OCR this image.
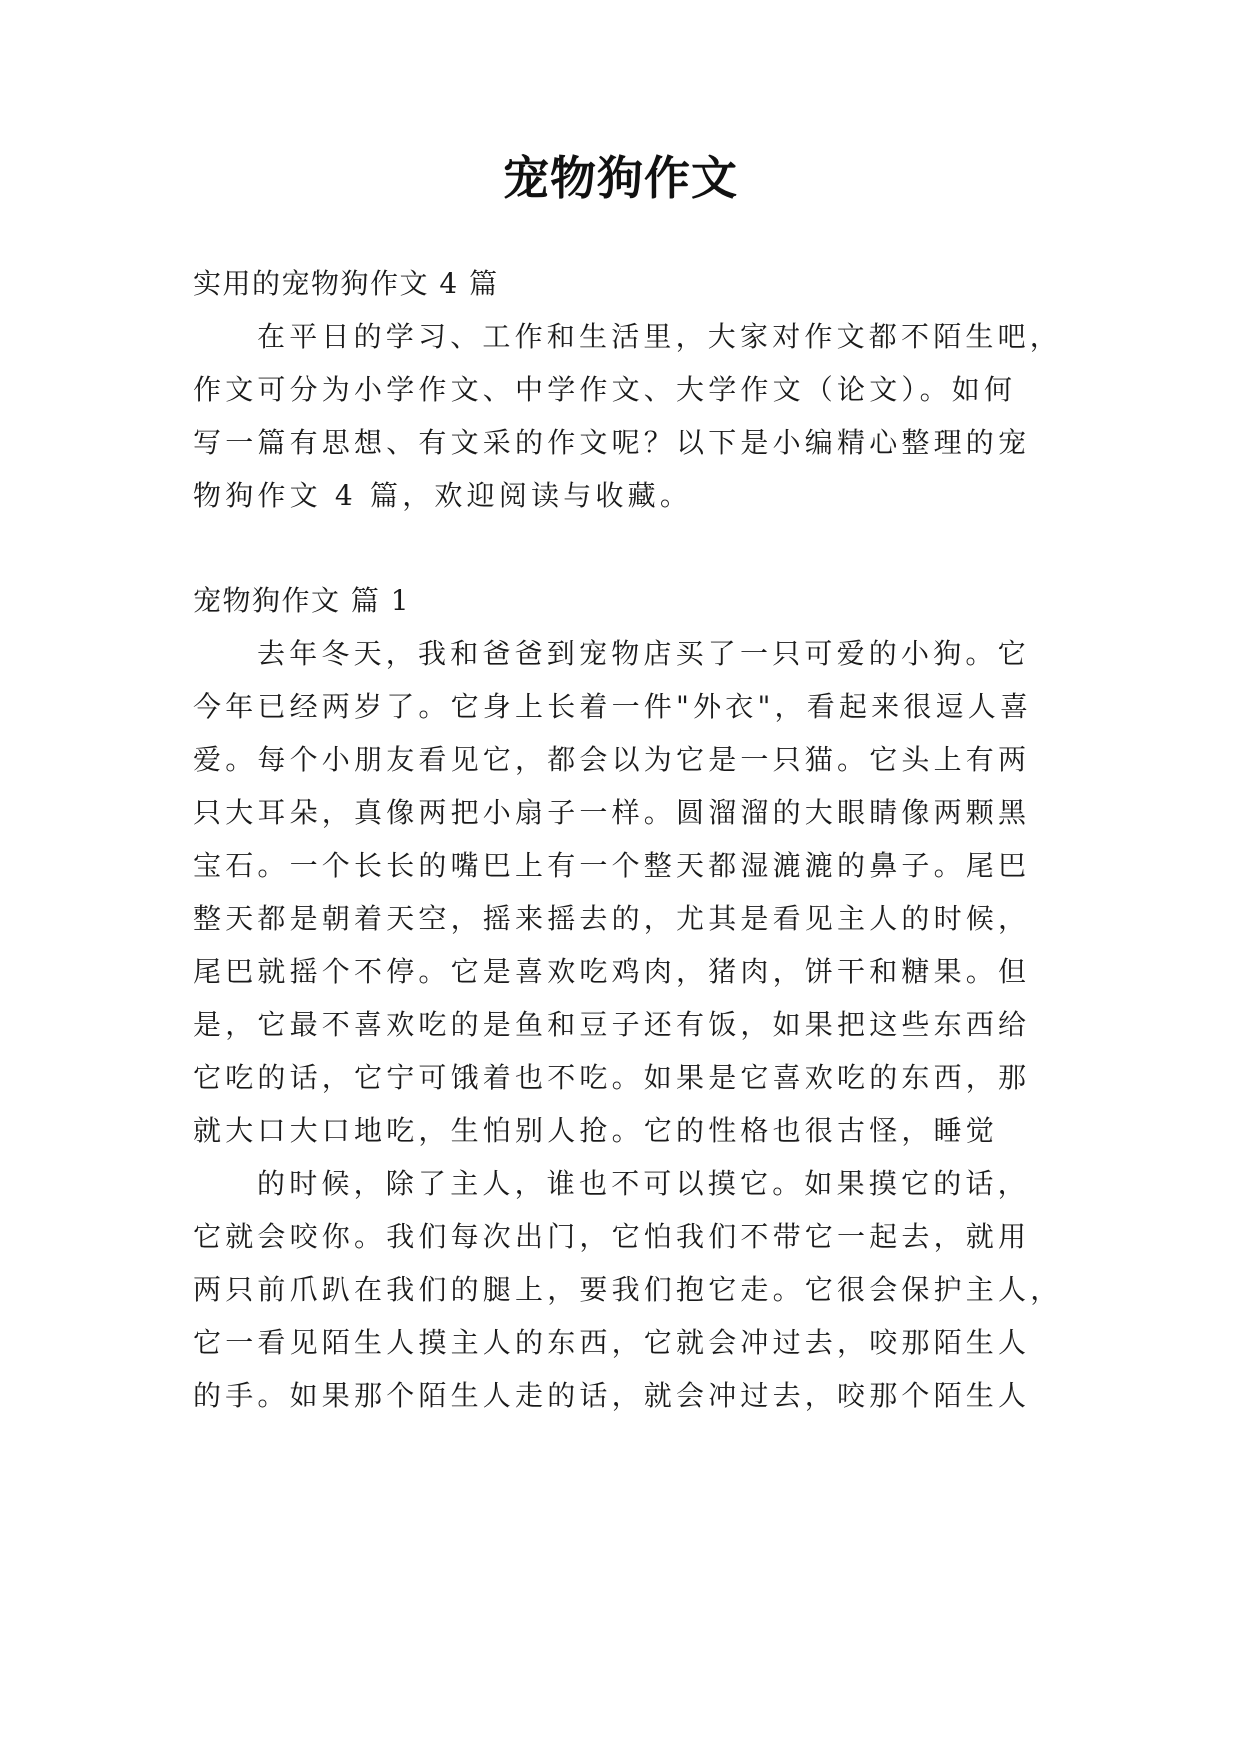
宠物狗作文

实用的宠物狗作文 4 篇

在平日的学习、工作和生活里，大家对作文都不陌生吧，

作文可分为小学作文、中学作文、大学作文（论文）。如何

写一篇有思想、有文采的作文呢？以下是小编精心整理的宠

物狗作文 4 篇，欢迎阅读与收藏。

宠物狗作文 篇 1

去年冬天，我和爸爸到宠物店买了一只可爱的小狗。它

今年已经两岁了。它身上长着一件"外衣"，看起来很逗人喜

爱。每个小朋友看见它，都会以为它是一只猫。它头上有两

只大耳朵，真像两把小扇子一样。圆溜溜的大眼睛像两颗黑

宝石。一个长长的嘴巴上有一个整天都湿漉漉的鼻子。尾巴

整天都是朝着天空，摇来摇去的，尤其是看见主人的时候，

尾巴就摇个不停。它是喜欢吃鸡肉，猪肉，饼干和糖果。但

是，它最不喜欢吃的是鱼和豆子还有饭，如果把这些东西给

它吃的话，它宁可饿着也不吃。如果是它喜欢吃的东西，那

就大口大口地吃，生怕别人抢。它的性格也很古怪，睡觉

的时候，除了主人，谁也不可以摸它。如果摸它的话，

它就会咬你。我们每次出门，它怕我们不带它一起去，就用

两只前爪趴在我们的腿上，要我们抱它走。它很会保护主人，

它一看见陌生人摸主人的东西，它就会冲过去，咬那陌生人

的手。如果那个陌生人走的话，就会冲过去，咬那个陌生人
